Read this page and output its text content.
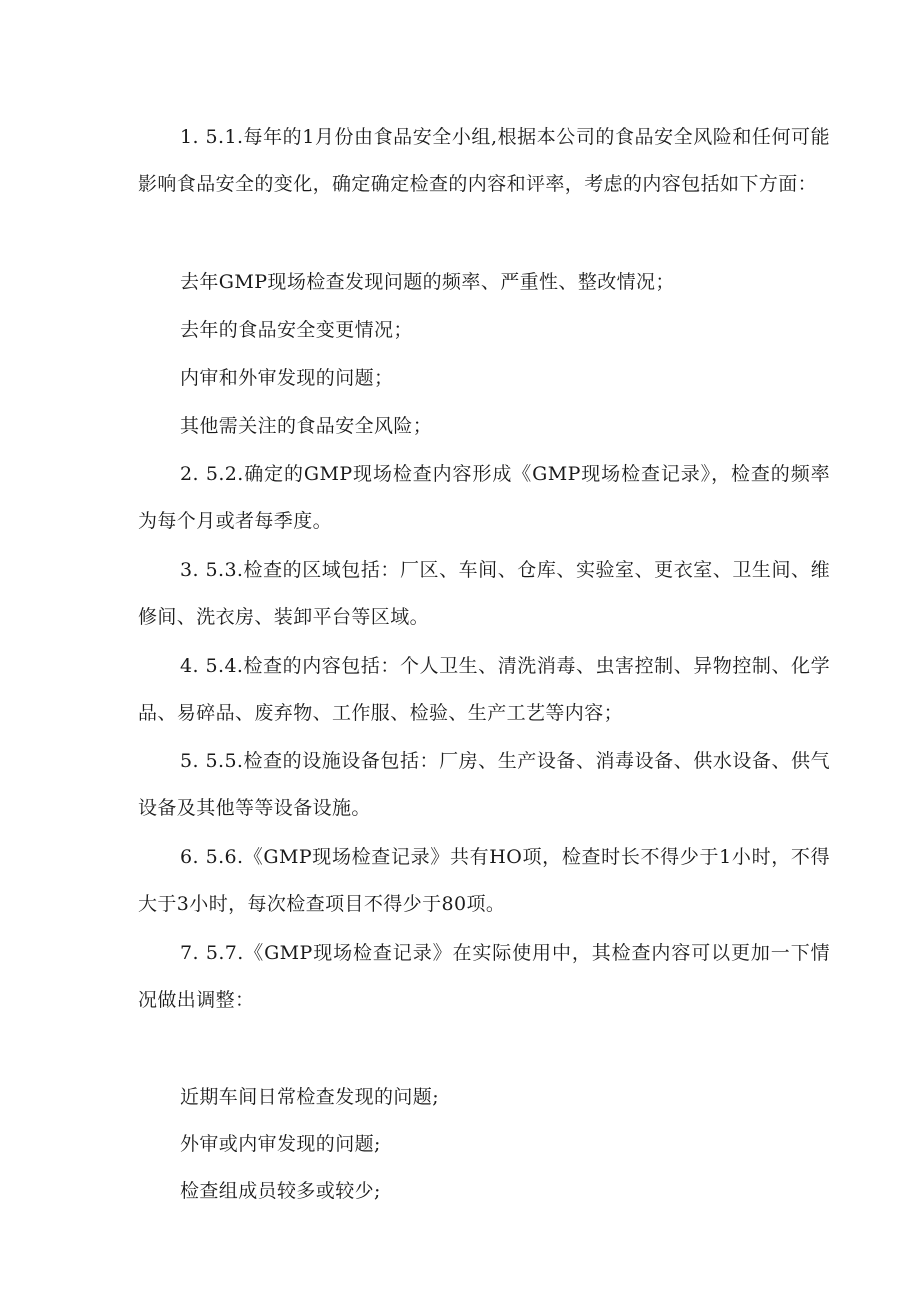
1. 5.1.每年的1月份由食品安全小组,根据本公司的食品安全风险和任何可能影响食品安全的变化，确定确定检查的内容和评率，考虑的内容包括如下方面：

去年GMP现场检查发现问题的频率、严重性、整改情况；

去年的食品安全变更情况；

内审和外审发现的问题；

其他需关注的食品安全风险；

2. 5.2.确定的GMP现场检查内容形成《GMP现场检查记录》，检查的频率为每个月或者每季度。

3. 5.3.检查的区域包括：厂区、车间、仓库、实验室、更衣室、卫生间、维修间、洗衣房、装卸平台等区域。

4. 5.4.检查的内容包括：个人卫生、清洗消毒、虫害控制、异物控制、化学品、易碎品、废弃物、工作服、检验、生产工艺等内容；

5. 5.5.检查的设施设备包括：厂房、生产设备、消毒设备、供水设备、供气设备及其他等等设备设施。

6. 5.6.《GMP现场检查记录》共有HO项，检查时长不得少于1小时，不得大于3小时，每次检查项目不得少于80项。

7. 5.7.《GMP现场检查记录》在实际使用中，其检查内容可以更加一下情况做出调整：

近期车间日常检查发现的问题;

外审或内审发现的问题;

检查组成员较多或较少;
